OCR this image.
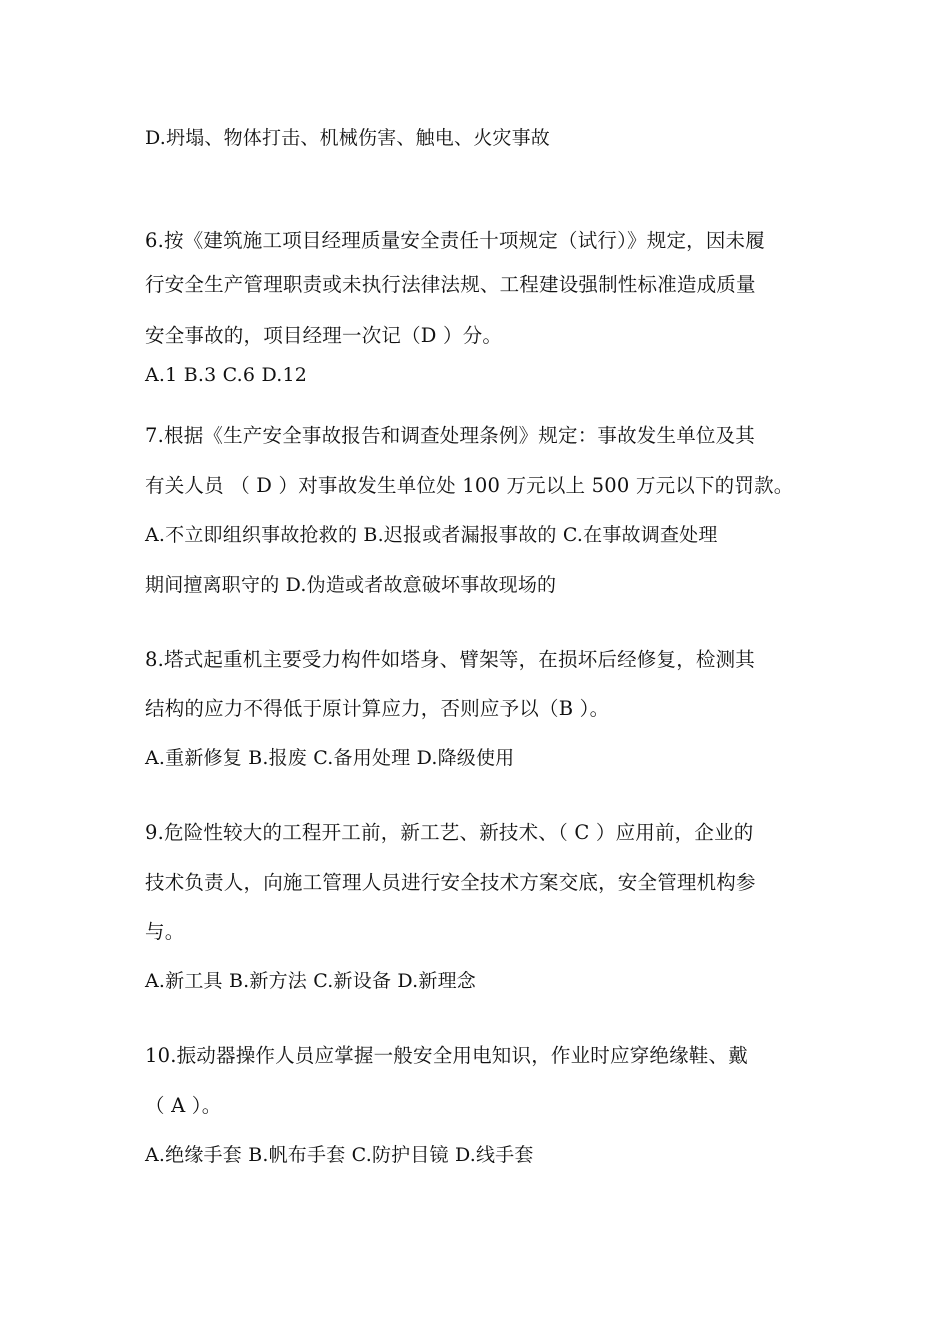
D.坍塌、物体打击、机械伤害、触电、火灾事故
6.按《建筑施工项目经理质量安全责任十项规定（试行）》规定，因未履
行安全生产管理职责或未执行法律法规、工程建设强制性标准造成质量
安全事故的，项目经理一次记（D ）分。
A.1 B.3 C.6 D.12
7.根据《生产安全事故报告和调查处理条例》规定：事故发生单位及其
有关人员 （ D ）对事故发生单位处 100 万元以上 500 万元以下的罚款。
A.不立即组织事故抢救的 B.迟报或者漏报事故的 C.在事故调查处理
期间擅离职守的 D.伪造或者故意破坏事故现场的
8.塔式起重机主要受力构件如塔身、臂架等，在损坏后经修复，检测其
结构的应力不得低于原计算应力，否则应予以（B ）。
A.重新修复 B.报废 C.备用处理 D.降级使用
9.危险性较大的工程开工前，新工艺、新技术、（ C ）应用前，企业的
技术负责人，向施工管理人员进行安全技术方案交底，安全管理机构参
与。
A.新工具 B.新方法 C.新设备 D.新理念
10.振动器操作人员应掌握一般安全用电知识，作业时应穿绝缘鞋、戴
（ A ）。
A.绝缘手套 B.帆布手套 C.防护目镜 D.线手套
